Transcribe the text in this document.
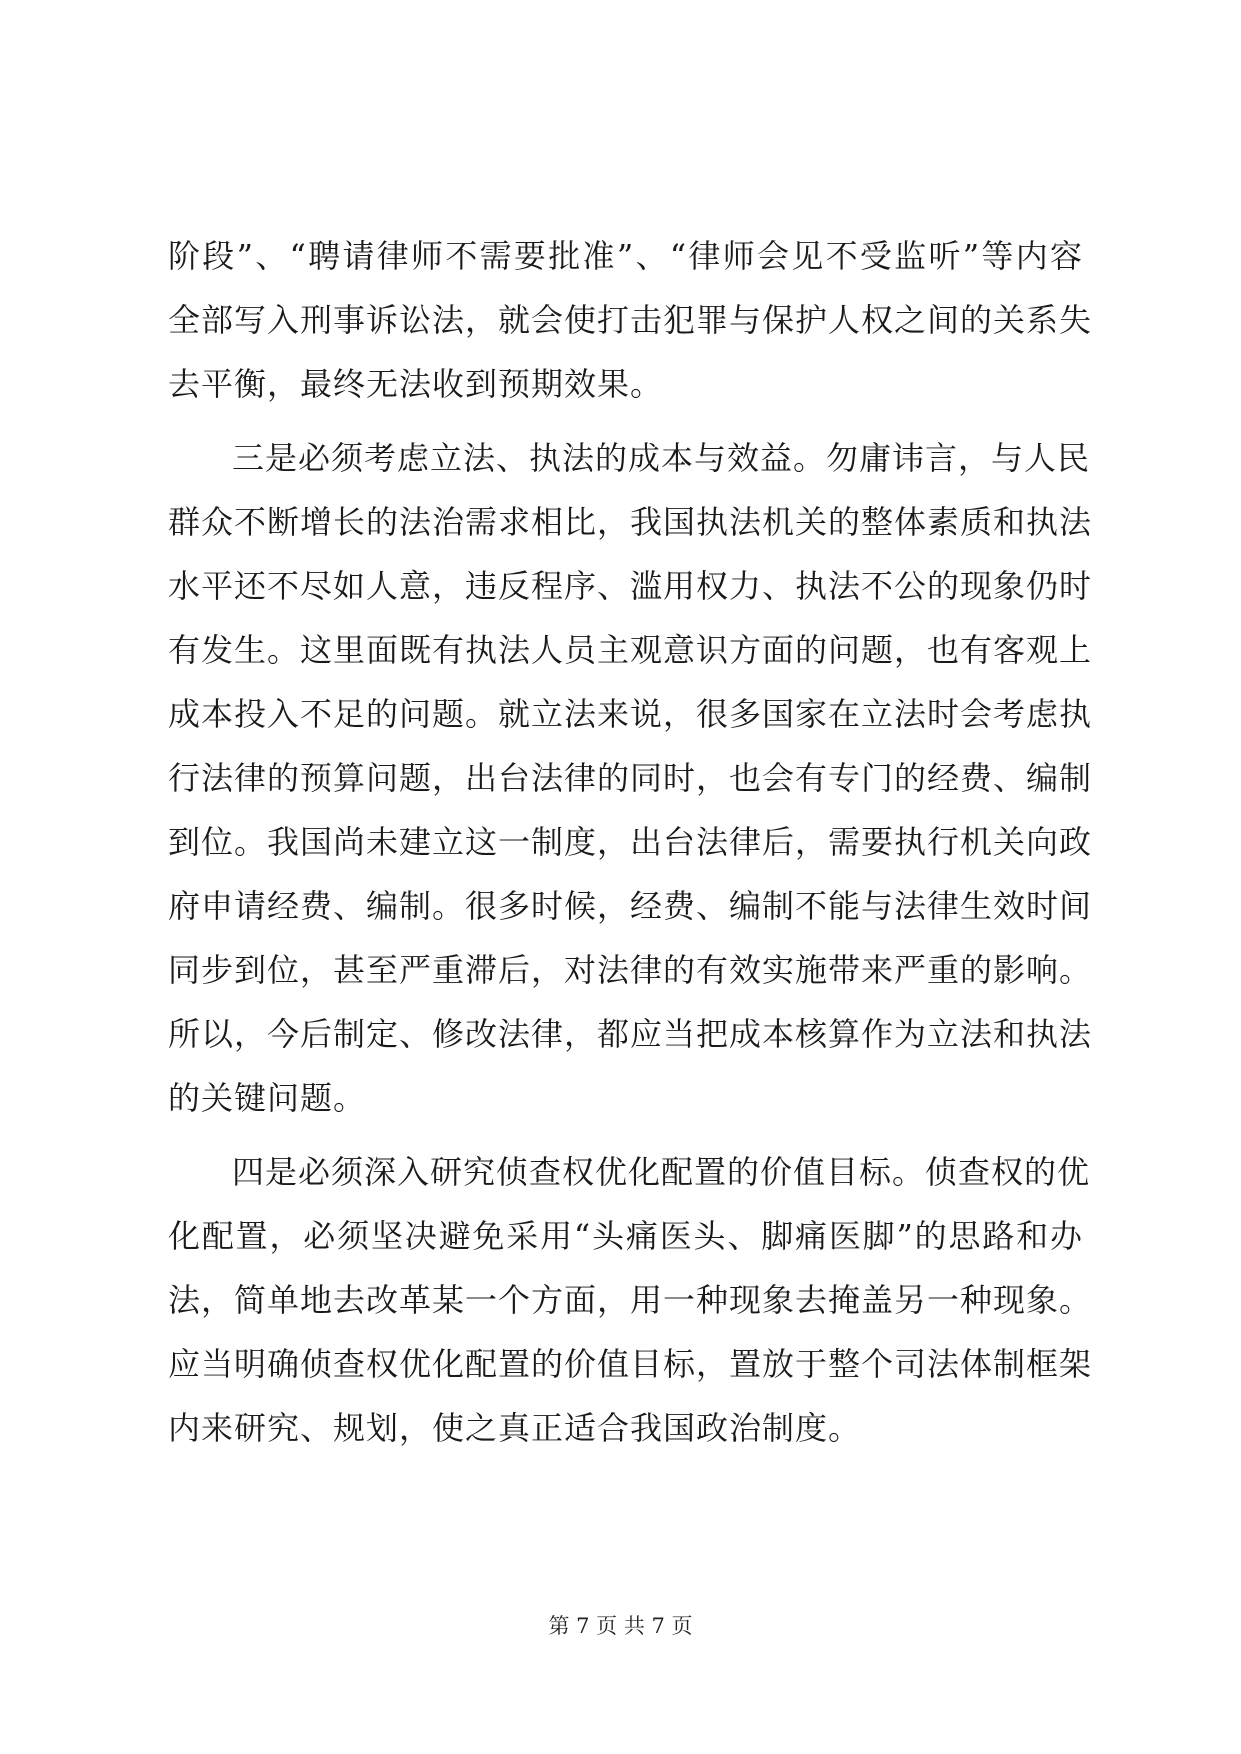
阶段”、“聘请律师不需要批准”、“律师会见不受监听”等内容
全部写入刑事诉讼法，就会使打击犯罪与保护人权之间的关系失
去平衡，最终无法收到预期效果。
三是必须考虑立法、执法的成本与效益。勿庸讳言，与人民
群众不断增长的法治需求相比，我国执法机关的整体素质和执法
水平还不尽如人意，违反程序、滥用权力、执法不公的现象仍时
有发生。这里面既有执法人员主观意识方面的问题，也有客观上
成本投入不足的问题。就立法来说，很多国家在立法时会考虑执
行法律的预算问题，出台法律的同时，也会有专门的经费、编制
到位。我国尚未建立这一制度，出台法律后，需要执行机关向政
府申请经费、编制。很多时候，经费、编制不能与法律生效时间
同步到位，甚至严重滞后，对法律的有效实施带来严重的影响。
所以，今后制定、修改法律，都应当把成本核算作为立法和执法
的关键问题。
四是必须深入研究侦查权优化配置的价值目标。侦查权的优
化配置，必须坚决避免采用“头痛医头、脚痛医脚”的思路和办
法，简单地去改革某一个方面，用一种现象去掩盖另一种现象。
应当明确侦查权优化配置的价值目标，置放于整个司法体制框架
内来研究、规划，使之真正适合我国政治制度。
第 7 页 共 7 页
